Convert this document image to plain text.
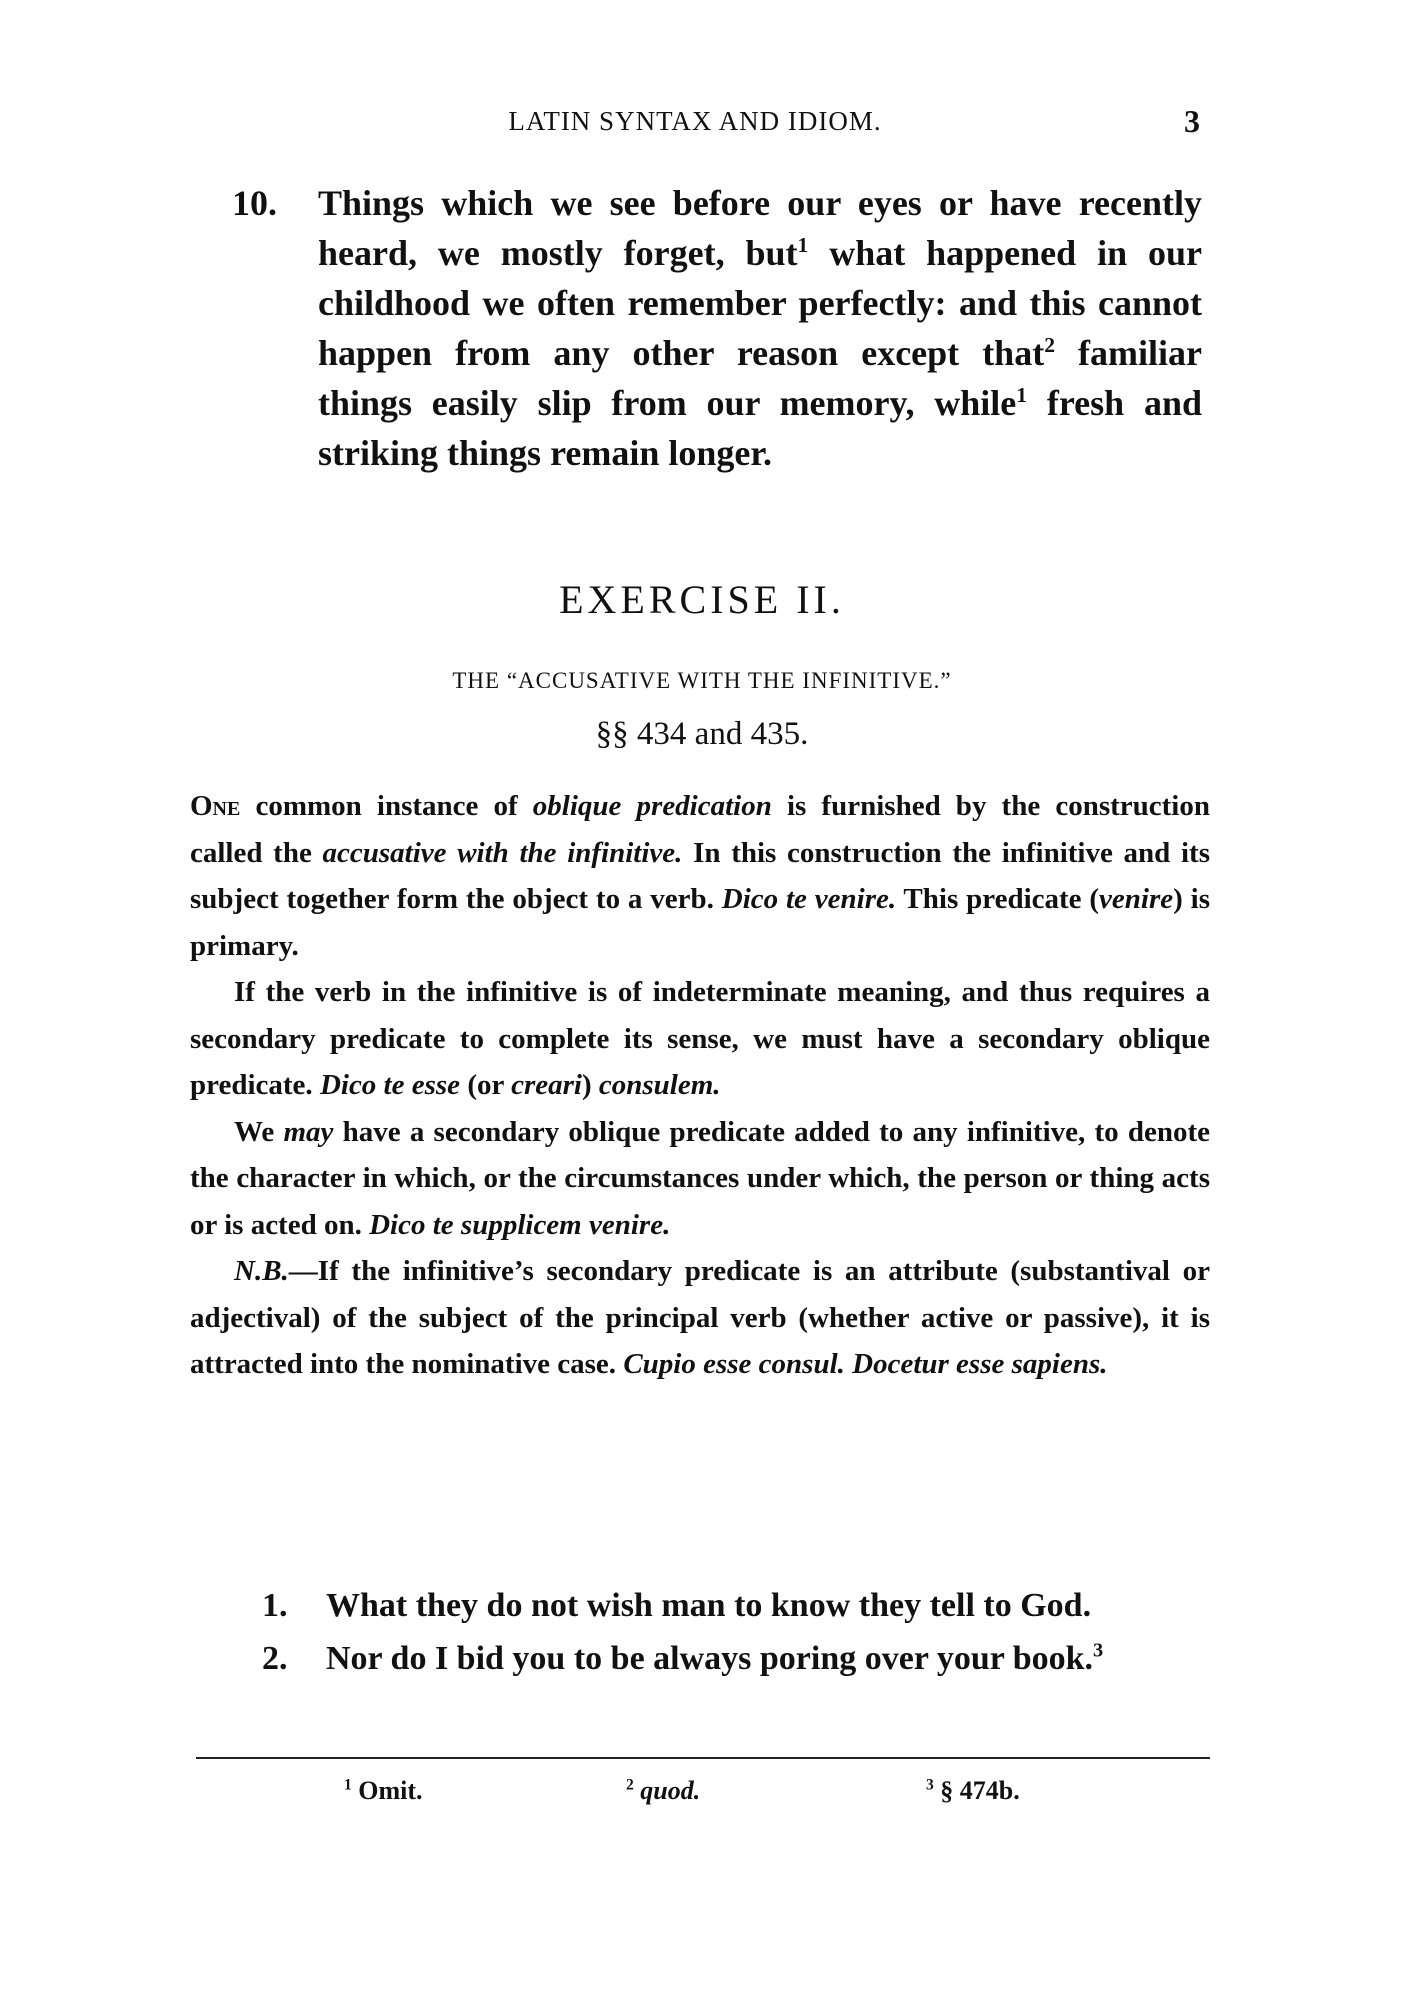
LATIN SYNTAX AND IDIOM.	3
10. Things which we see before our eyes or have recently heard, we mostly forget, but$^1$ what happened in our childhood we often remember perfectly: and this cannot happen from any other reason except that$^2$ familiar things easily slip from our memory, while$^1$ fresh and striking things remain longer.
EXERCISE II.
THE “ACCUSATIVE WITH THE INFINITIVE.”
§§ 434 and 435.

One common instance of oblique predication is furnished by the construction called the accusative with the infinitive. In this construction the infinitive and its subject together form the object to a verb. Dico te venire. This predicate (venire) is primary.

If the verb in the infinitive is of indeterminate meaning, and thus requires a secondary predicate to complete its sense, we must have a secondary oblique predicate. Dico te esse (or creari) consulem.

We may have a secondary oblique predicate added to any infinitive, to denote the character in which, or the circumstances under which, the person or thing acts or is acted on. Dico te supplicem venire.

N.B.—If the infinitive’s secondary predicate is an attribute (substantival or adjectival) of the subject of the principal verb (whether active or passive), it is attracted into the nominative case. Cupio esse consul. Docetur esse sapiens.

1. What they do not wish man to know they tell to God.
2. Nor do I bid you to be always poring over your book.$^3$
$^1$ Omit.	$^2$ quod.	$^3$ § 474b.
